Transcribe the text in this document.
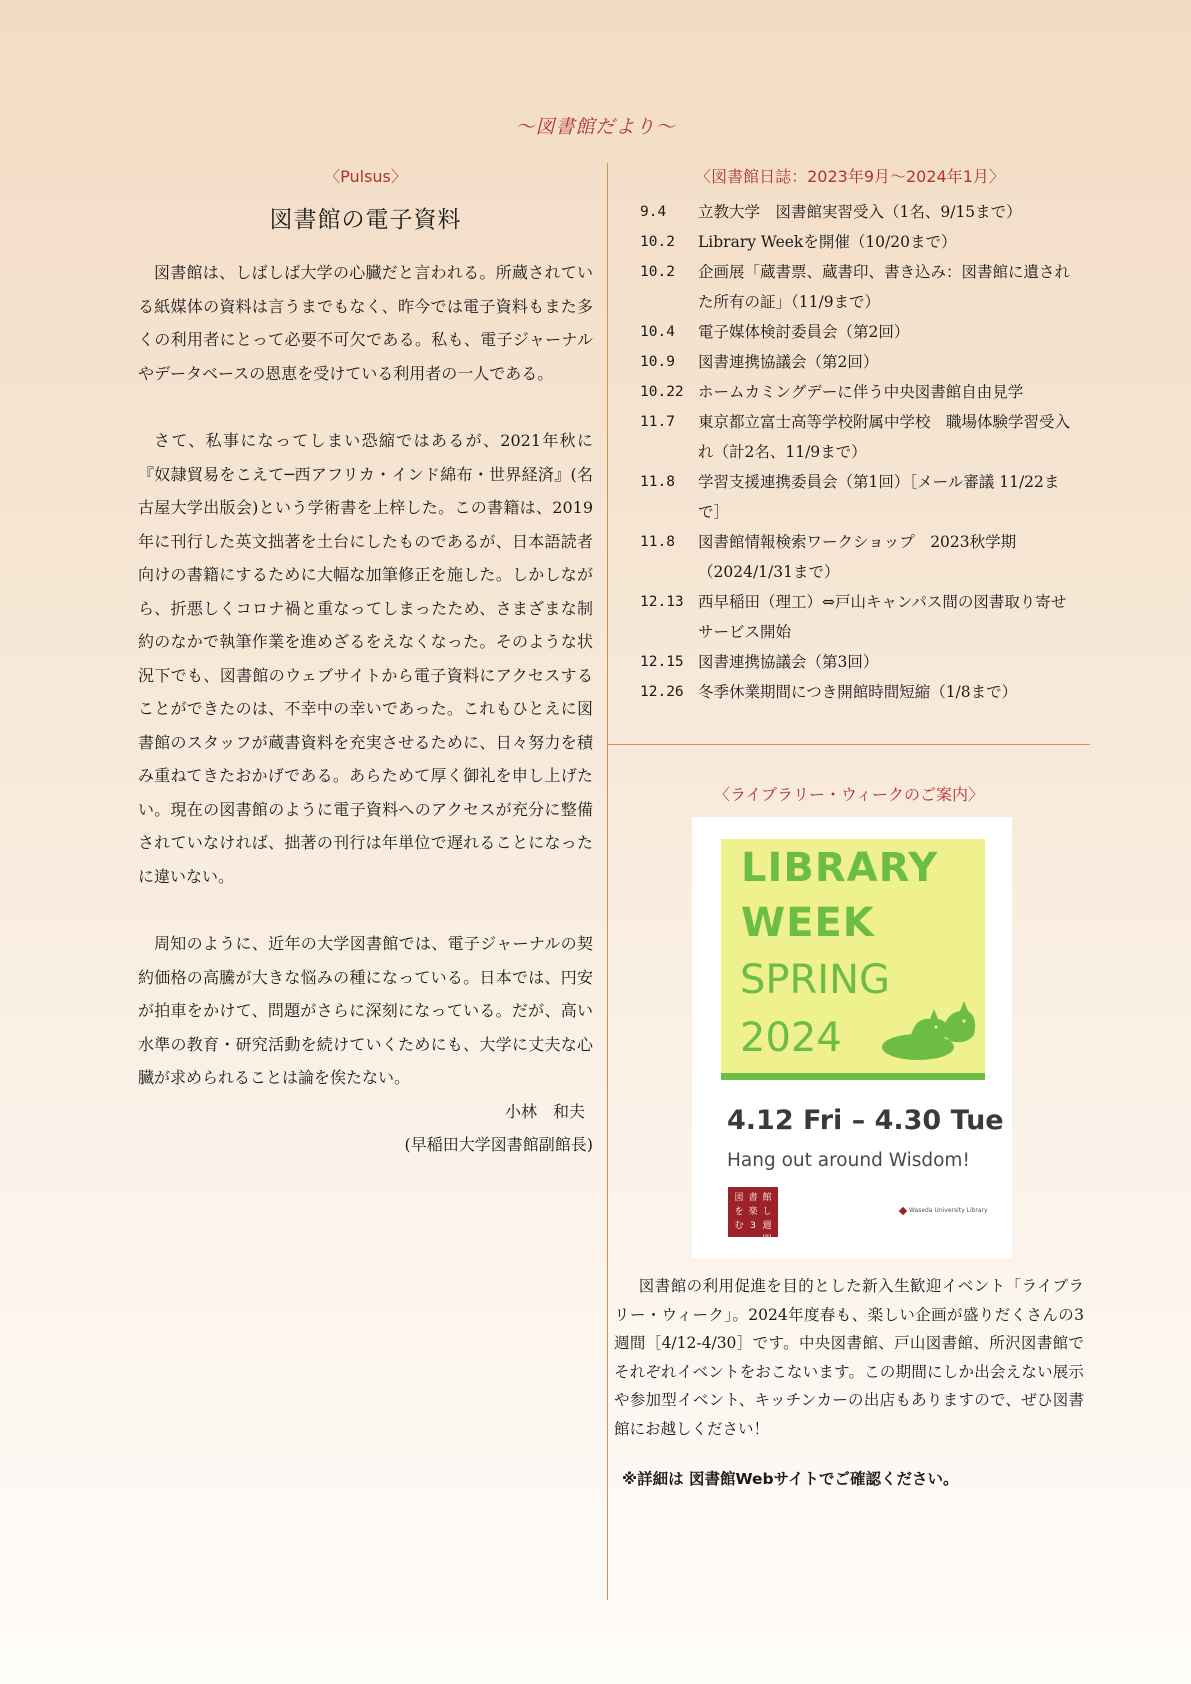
～図書館だより～
〈Pulsus〉
図書館の電子資料

図書館は、しばしば大学の心臓だと言われる。所蔵されている紙媒体の資料は言うまでもなく、昨今では電子資料もまた多くの利用者にとって必要不可欠である。私も、電子ジャーナルやデータベースの恩恵を受けている利用者の一人である。

さて、私事になってしまい恐縮ではあるが、2021年秋に『奴隷貿易をこえて─西アフリカ・インド綿布・世界経済』(名古屋大学出版会)という学術書を上梓した。この書籍は、2019年に刊行した英文拙著を土台にしたものであるが、日本語読者向けの書籍にするために大幅な加筆修正を施した。しかしながら、折悪しくコロナ禍と重なってしまったため、さまざまな制約のなかで執筆作業を進めざるをえなくなった。そのような状況下でも、図書館のウェブサイトから電子資料にアクセスすることができたのは、不幸中の幸いであった。これもひとえに図書館のスタッフが蔵書資料を充実させるために、日々努力を積み重ねてきたおかげである。あらためて厚く御礼を申し上げたい。現在の図書館のように電子資料へのアクセスが充分に整備されていなければ、拙著の刊行は年単位で遅れることになったに違いない。

周知のように、近年の大学図書館では、電子ジャーナルの契約価格の高騰が大きな悩みの種になっている。日本では、円安が拍車をかけて、問題がさらに深刻になっている。だが、高い水準の教育・研究活動を続けていくためにも、大学に丈夫な心臓が求められることは論を俟たない。

小林　和夫
(早稲田大学図書館副館長)
〈図書館日誌：2023年9月～2024年1月〉
9.4	立教大学　図書館実習受入（1名、9/15まで）
10.2	Library Weekを開催（10/20まで）
10.2	企画展「蔵書票、蔵書印、書き込み：図書館に遺された所有の証」（11/9まで）
10.4	電子媒体検討委員会（第2回）
10.9	図書連携協議会（第2回）
10.22 ホームカミングデーに伴う中央図書館自由見学
11.7	東京都立富士高等学校附属中学校　職場体験学習受入れ（計2名、11/9まで）
11.8	学習支援連携委員会（第1回）［メール審議 11/22まで］
11.8	図書館情報検索ワークショップ　2023秋学期（2024/1/31まで）
12.13 西早稲田（理工）⇔戸山キャンパス間の図書取り寄せサービス開始
12.15 図書連携協議会（第3回）
12.26 冬季休業期間につき開館時間短縮（1/8まで）
〈ライブラリー・ウィークのご案内〉
LIBRARY
WEEK
SPRING
2024
4.12 Fri – 4.30 Tue
Hang out around Wisdom!
図 書 館
を 楽 し
む 3 週間
Waseda University Library

図書館の利用促進を目的とした新入生歓迎イベント「ライブラリー・ウィーク」。2024年度春も、楽しい企画が盛りだくさんの3週間［4/12-4/30］です。中央図書館、戸山図書館、所沢図書館でそれぞれイベントをおこないます。この期間にしか出会えない展示や参加型イベント、キッチンカーの出店もありますので、ぜひ図書館にお越しください！

※詳細は 図書館Webサイトでご確認ください。
